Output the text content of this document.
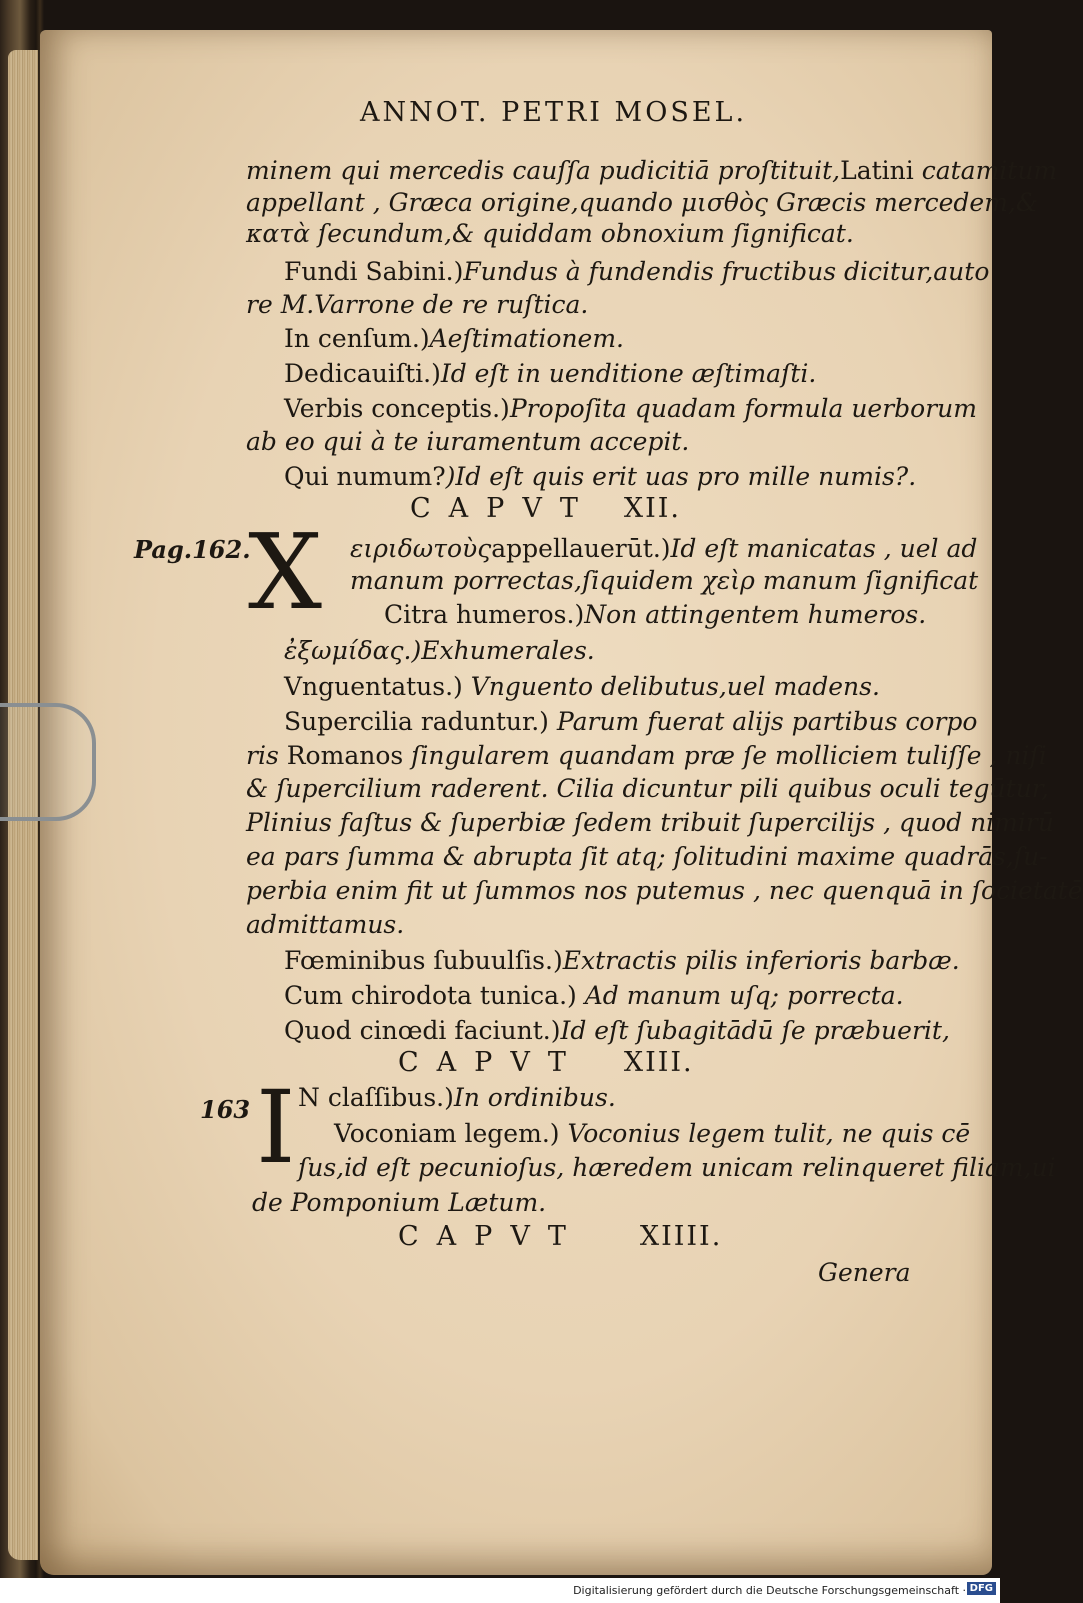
ANNOT. PETRI MOSEL.
minem qui mercedis cauſſa pudicitiā proſtituit,Latini catamitum
appellant , Græca origine,quando μισθὸς Græcis mercedem,&
κατὰ ſecundum,& quiddam obnoxium ſignificat.
Fundi Sabini.)Fundus à fundendis fructibus dicitur,auto
re M.Varrone de re ruſtica.
In cenſum.)Aeſtimationem.
Dedicauiſti.)Id eſt in uenditione æſtimaſti.
Verbis conceptis.)Propoſita quadam formula uerborum
ab eo qui à te iuramentum accepit.
Qui numum?)Id eſt quis erit uas pro mille numis?.
CAPVT XII.
Pag.162.
X ειριδωτοὺςappellauerūt.)Id eſt manicatas , uel ad
manum porrectas,ſiquidem χεὶρ manum ſignificat
Citra humeros.)Non attingentem humeros.
ἐξωμίδας.)Exhumerales.
Vnguentatus.) Vnguento delibutus,uel madens.
Supercilia raduntur.) Parum fuerat alijs partibus corpo
ris Romanos ſingularem quandam præ ſe molliciem tuliſſe , niſi
& ſupercilium raderent. Cilia dicuntur pili quibus oculi tegūtur,
Plinius faſtus & ſuperbiæ ſedem tribuit ſupercilijs , quod nimirū
ea pars ſumma & abrupta ſit atq; ſolitudini maxime quadrās,ſu-
perbia enim fit ut ſummos nos putemus , nec quenquā in ſocietatē
admittamus.
Fœminibus ſubuulſis.)Extractis pilis inferioris barbæ.
Cum chirodota tunica.) Ad manum uſq; porrecta.
Quod cinœdi faciunt.)Id eſt ſubagitādū ſe præbuerit,
CAPVT XIII.
163 I N claſſibus.)In ordinibus.
Voconiam legem.) Voconius legem tulit, ne quis cē
ſus,id eſt pecunioſus, hæredem unicam relinqueret filiam,ui
de Pomponium Lætum.
CAPVT XIIII.
Genera
Digitalisierung gefördert durch die Deutsche Forschungsgemeinschaft · DFG
